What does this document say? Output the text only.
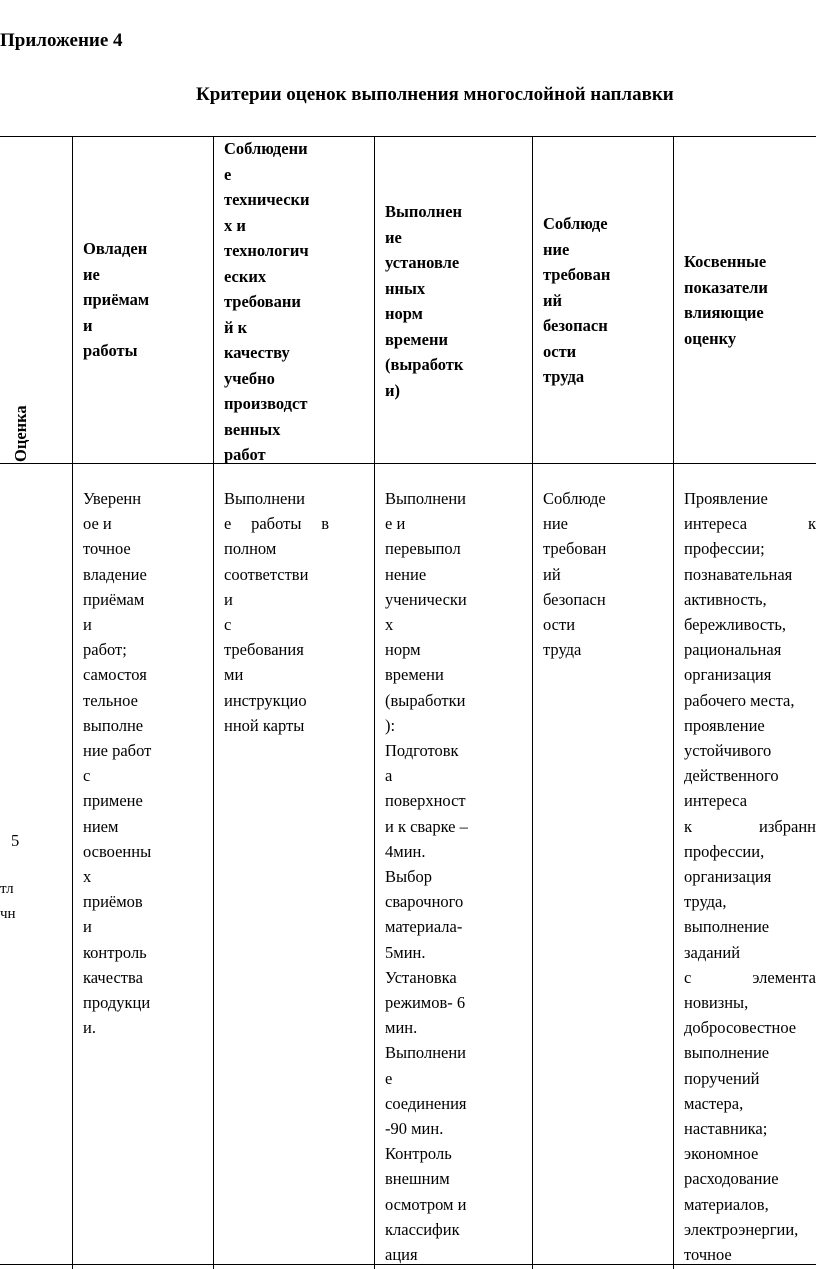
Приложение 4
Критерии оценок выполнения многослойной наплавки
Оценка
Овладен
ие
приёмам
и
работы
Соблюдени
е
технически
х и
технологич
еских
требовани
й к
качеству
учебно
производст
венных
работ
Выполнен
ие
установле
нных
норм
времени
(выработк
и)
Соблюде
ние
требован
ий
безопасн
ости
труда
Косвенные
показатели
влияющие
оценку
5
тл
чн
Уверенн
ое и
точное
владение
приёмам
и
работ;
самостоя
тельное
выполне
ние работ
с
примене
нием
освоенны
х
приёмов
и
контроль
качества
продукци
и.
Выполнени
е работы в
полном
соответстви
и
с
требования
ми
инструкцио
нной карты
Выполнени
е и
перевыпол
нение
ученически
х
норм
времени
(выработки
):
Подготовк
а
поверхност
и к сварке –
4мин.
Выбор
сварочного
материала-
5мин.
Установка
режимов- 6
мин.
Выполнени
е
соединения
-90 мин.
Контроль
внешним
осмотром и
классифик
ация
Соблюде
ние
требован
ий
безопасн
ости
труда
Проявление
интереса к
профессии;
познавательная
активность,
бережливость,
рациональная
организация
рабочего места,
проявление
устойчивого
действенного
интереса
к избранн
профессии,
организация
труда,
выполнение
заданий
с элемента
новизны,
добросовестное
выполнение
поручений
мастера,
наставника;
экономное
расходование
материалов,
электроэнергии,
точное
